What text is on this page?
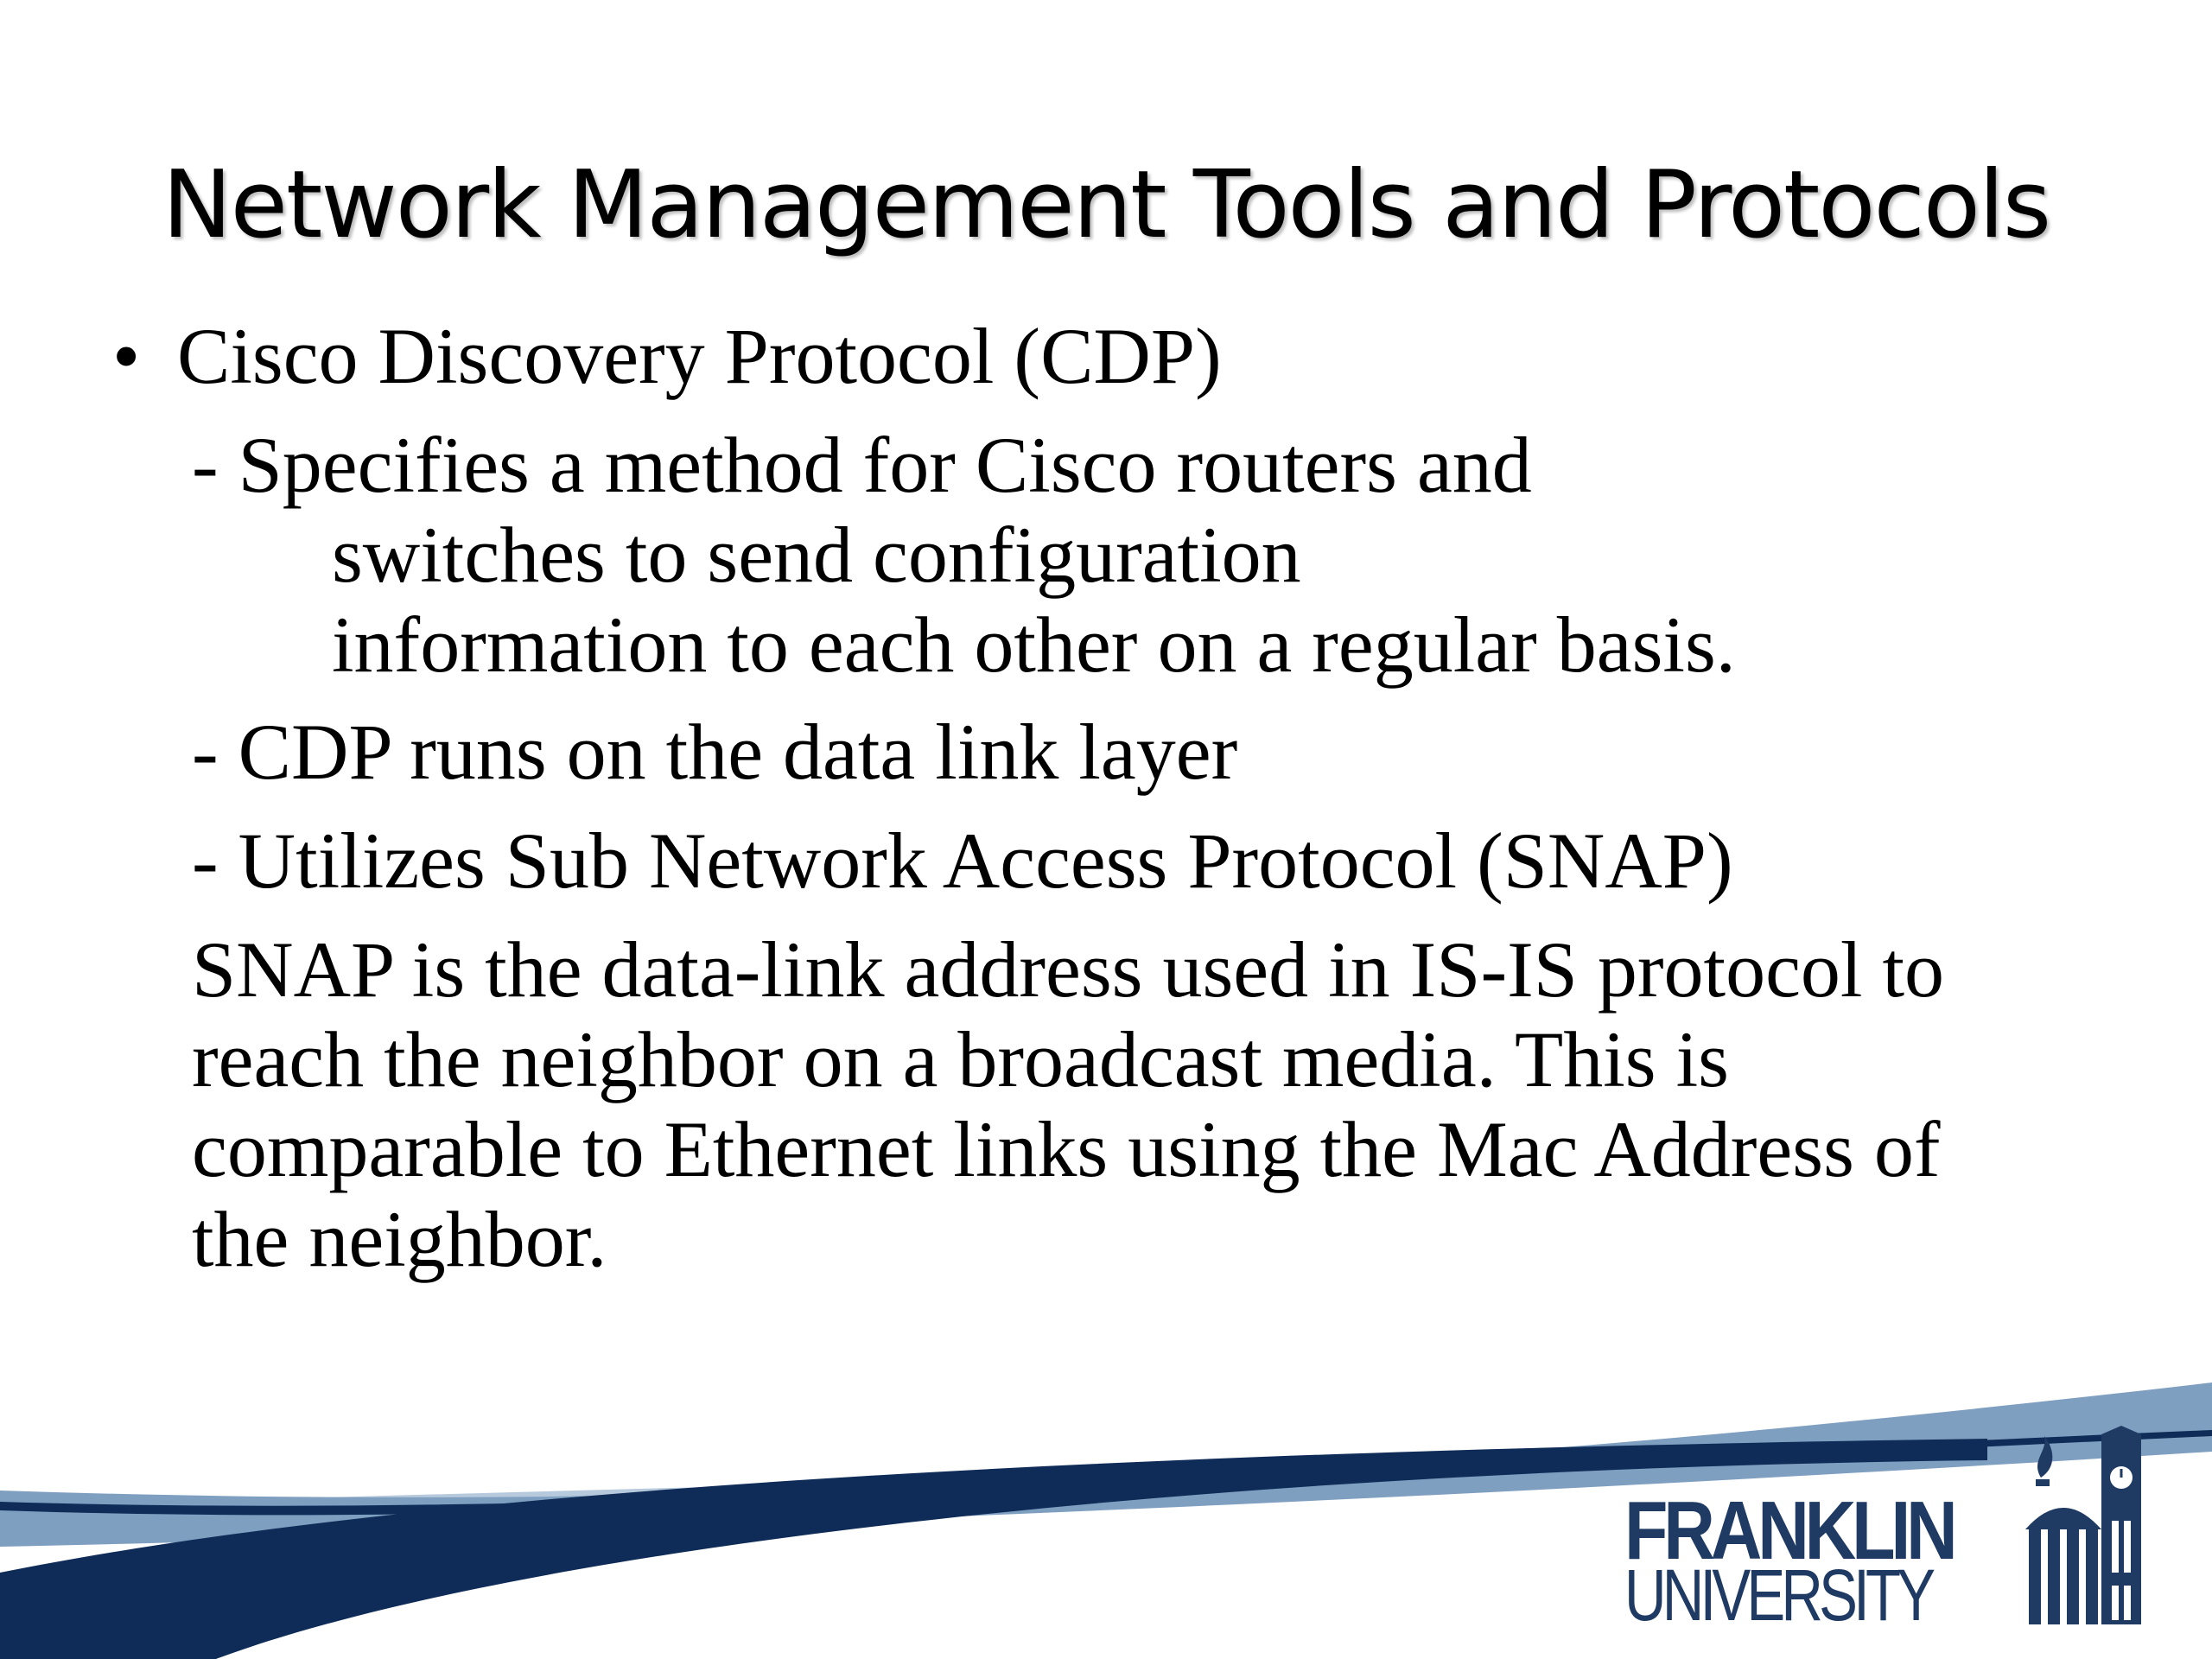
Network Management Tools and Protocols
• Cisco Discovery Protocol (CDP)
- Specifies a method for Cisco routers and
switches to send configuration
information to each other on a regular basis.
- CDP runs on the data link layer
- Utilizes Sub Network Access Protocol (SNAP)
SNAP is the data-link address used in IS-IS protocol to
reach the neighbor on a broadcast media. This is
comparable to Ethernet links using the Mac Address of
the neighbor.
FRANKLIN
UNIVERSITY
